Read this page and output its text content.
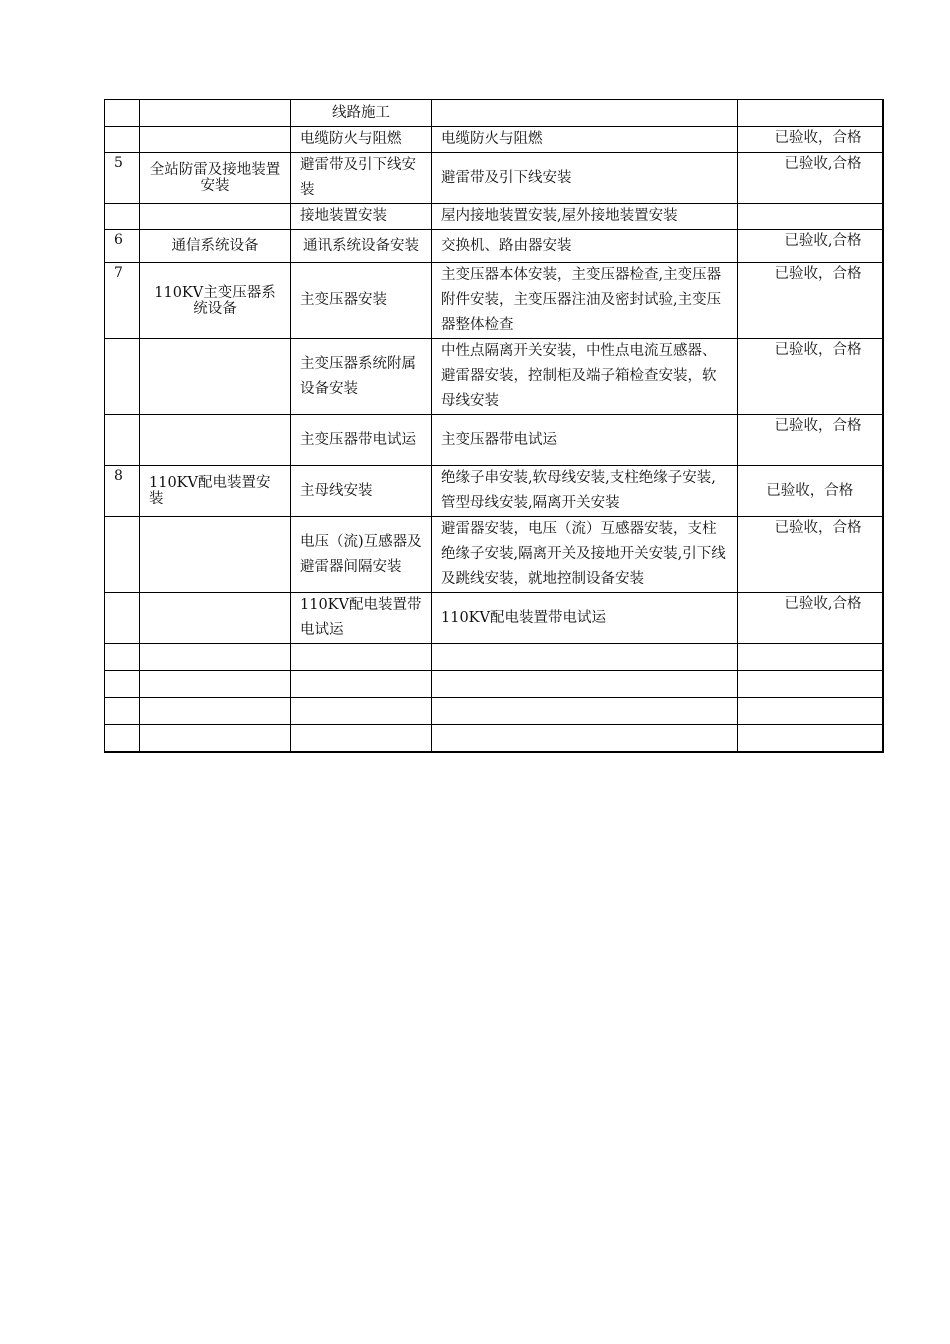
		线路施工		
		电缆防火与阻燃	电缆防火与阻燃	已验收，合格
5	全站防雷及接地装置安装	避雷带及引下线安装	避雷带及引下线安装	已验收,合格
		接地装置安装	屋内接地装置安装,屋外接地装置安装	
6	通信系统设备	通讯系统设备安装	交换机、路由器安装	已验收,合格
7	110KV主变压器系统设备	主变压器安装	主变压器本体安装，主变压器检查,主变压器附件安装，主变压器注油及密封试验,主变压器整体检查	已验收，合格
		主变压器系统附属设备安装	中性点隔离开关安装，中性点电流互感器、避雷器安装，控制柜及端子箱检查安装，软母线安装	已验收，合格
		主变压器带电试运	主变压器带电试运	已验收，合格
8	110KV配电装置安装	主母线安装	绝缘子串安装,软母线安装,支柱绝缘子安装,管型母线安装,隔离开关安装	已验收，合格
		电压（流)互感器及避雷器间隔安装	避雷器安装，电压（流）互感器安装，支柱绝缘子安装,隔离开关及接地开关安装,引下线及跳线安装，就地控制设备安装	已验收，合格
		110KV配电装置带电试运	110KV配电装置带电试运	已验收,合格
